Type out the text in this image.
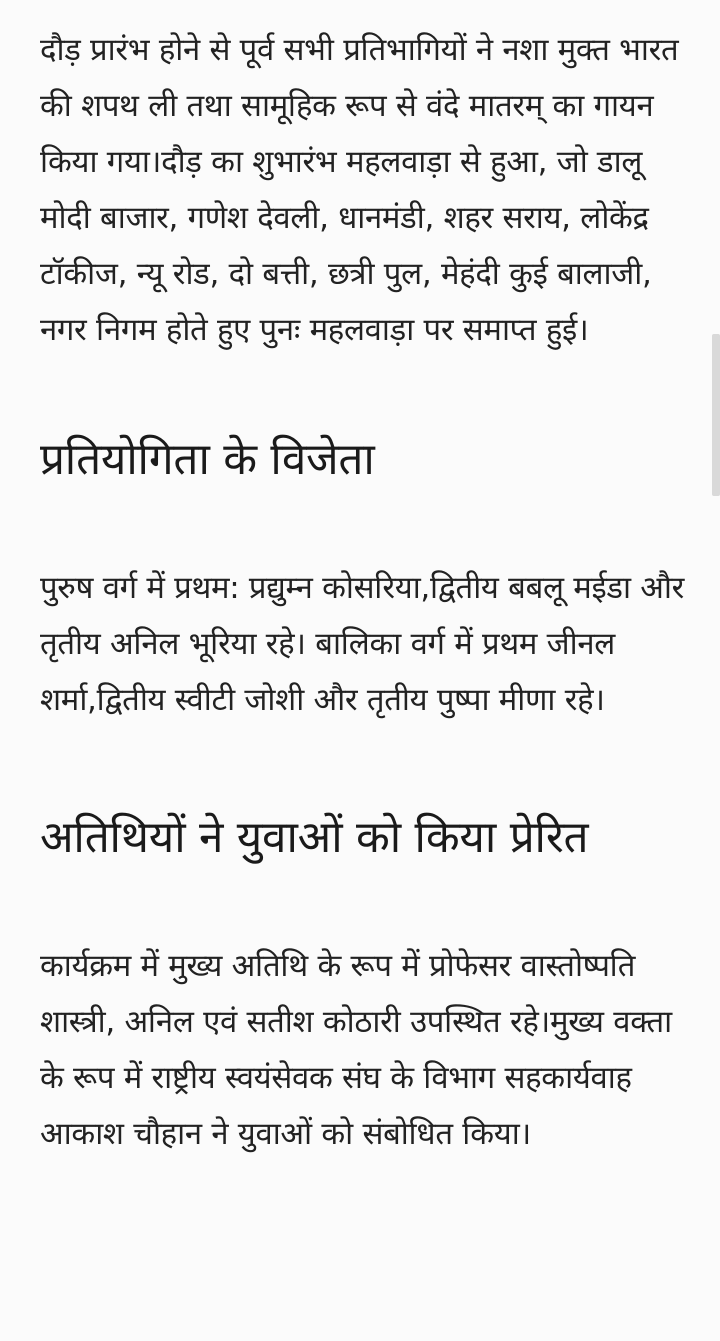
दौड़ प्रारंभ होने से पूर्व सभी प्रतिभागियों ने नशा मुक्त भारत की शपथ ली तथा सामूहिक रूप से वंदे मातरम् का गायन किया गया।दौड़ का शुभारंभ महलवाड़ा से हुआ, जो डालू मोदी बाजार, गणेश देवली, धानमंडी, शहर सराय, लोकेंद्र टॉकीज, न्यू रोड, दो बत्ती, छत्री पुल, मेहंदी कुई बालाजी, नगर निगम होते हुए पुनः महलवाड़ा पर समाप्त हुई।

प्रतियोगिता के विजेता

पुरुष वर्ग में प्रथम: प्रद्युम्न कोसरिया,द्वितीय बबलू मईडा और तृतीय अनिल भूरिया रहे। बालिका वर्ग में प्रथम जीनल शर्मा,द्वितीय स्वीटी जोशी और तृतीय पुष्पा मीणा रहे।

अतिथियों ने युवाओं को किया प्रेरित

कार्यक्रम में मुख्य अतिथि के रूप में प्रोफेसर वास्तोष्पति शास्त्री, अनिल एवं सतीश कोठारी उपस्थित रहे।मुख्य वक्ता के रूप में राष्ट्रीय स्वयंसेवक संघ के विभाग सहकार्यवाह आकाश चौहान ने युवाओं को संबोधित किया।
